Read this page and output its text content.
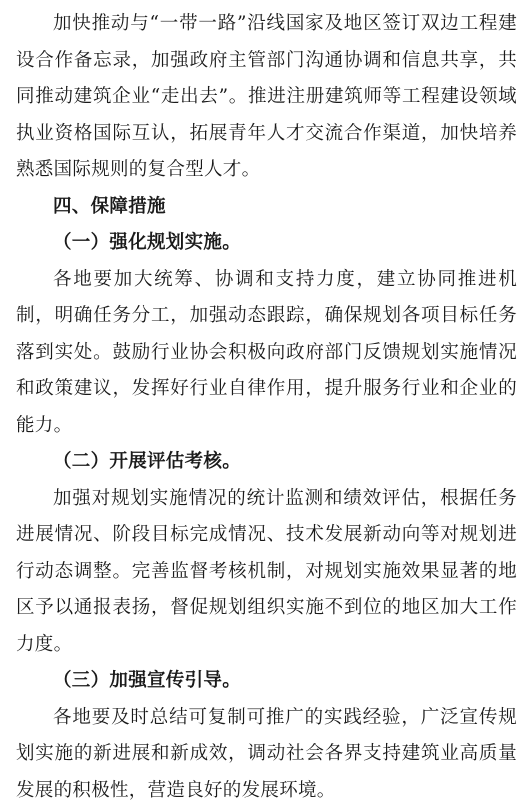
加快推动与“一带一路”沿线国家及地区签订双边工程建设合作备忘录，加强政府主管部门沟通协调和信息共享，共同推动建筑企业“走出去”。推进注册建筑师等工程建设领域执业资格国际互认，拓展青年人才交流合作渠道，加快培养熟悉国际规则的复合型人才。

四、保障措施

（一）强化规划实施。

各地要加大统筹、协调和支持力度，建立协同推进机制，明确任务分工，加强动态跟踪，确保规划各项目标任务落到实处。鼓励行业协会积极向政府部门反馈规划实施情况和政策建议，发挥好行业自律作用，提升服务行业和企业的能力。

（二）开展评估考核。

加强对规划实施情况的统计监测和绩效评估，根据任务进展情况、阶段目标完成情况、技术发展新动向等对规划进行动态调整。完善监督考核机制，对规划实施效果显著的地区予以通报表扬，督促规划组织实施不到位的地区加大工作力度。

（三）加强宣传引导。

各地要及时总结可复制可推广的实践经验，广泛宣传规划实施的新进展和新成效，调动社会各界支持建筑业高质量发展的积极性，营造良好的发展环境。
